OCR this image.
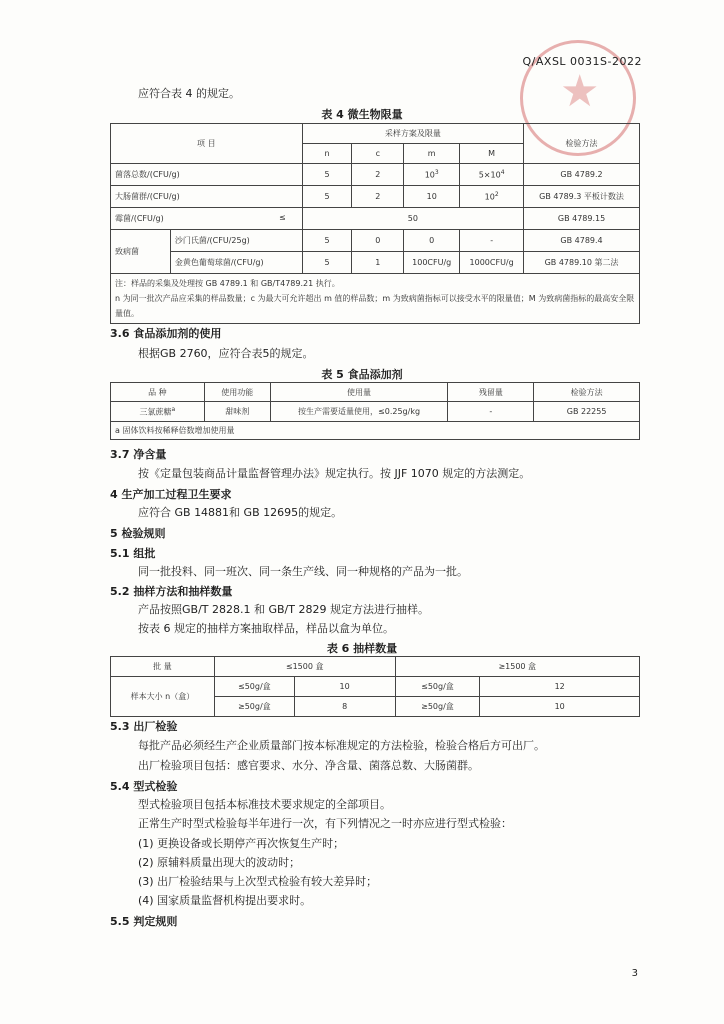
★
Q/AXSL 0031S-2022
应符合表 4 的规定。
表 4 微生物限量
项 目		采样方案及限量				检验方法
		n	c	m	M	
菌落总数/(CFU/g)		5	2	$10^3$	$5\times 10^4$	GB 4789.2
大肠菌群/(CFU/g)		5	2	10	$10^2$	GB 4789.3 平板计数法
霉菌/(CFU/g) ≤		50				GB 4789.15
致病菌	沙门氏菌/(CFU/25g)	5	0	0	-	GB 4789.4
	金黄色葡萄球菌/(CFU/g)	5	1	100CFU/g	1000CFU/g	GB 4789.10 第二法

注：样品的采集及处理按 GB 4789.1 和 GB/T4789.21 执行。
n 为同一批次产品应采集的样品数量；c 为最大可允许超出 m 值的样品数；m 为致病菌指标可以接受水平的限量值；M 为致病菌指标的最高安全限量值。						
3.6 食品添加剂的使用
根据GB 2760，应符合表5的规定。
表 5 食品添加剂
品 种	使用功能	使用量	残留量	检验方法
三氯蔗糖$^a$	甜味剂	按生产需要适量使用，≤0.25g/kg	-	GB 22255
a 固体饮料按稀释倍数增加使用量				
3.7 净含量
按《定量包装商品计量监督管理办法》规定执行。按 JJF 1070 规定的方法测定。
4 生产加工过程卫生要求
应符合 GB 14881和 GB 12695的规定。
5 检验规则
5.1 组批
同一批投料、同一班次、同一条生产线、同一种规格的产品为一批。
5.2 抽样方法和抽样数量
产品按照GB/T 2828.1 和 GB/T 2829 规定方法进行抽样。
按表 6 规定的抽样方案抽取样品，样品以盒为单位。
表 6 抽样数量
批 量	≤1500 盒		≥1500 盒	
样本大小 n（盒）	≤50g/盒	10	≤50g/盒	12
	≥50g/盒	8	≥50g/盒	10
5.3 出厂检验
每批产品必须经生产企业质量部门按本标准规定的方法检验，检验合格后方可出厂。
出厂检验项目包括：感官要求、水分、净含量、菌落总数、大肠菌群。
5.4 型式检验
型式检验项目包括本标准技术要求规定的全部项目。
正常生产时型式检验每半年进行一次，有下列情况之一时亦应进行型式检验：
(1) 更换设备或长期停产再次恢复生产时；
(2) 原辅料质量出现大的波动时；
(3) 出厂检验结果与上次型式检验有较大差异时；
(4) 国家质量监督机构提出要求时。
5.5 判定规则
3
